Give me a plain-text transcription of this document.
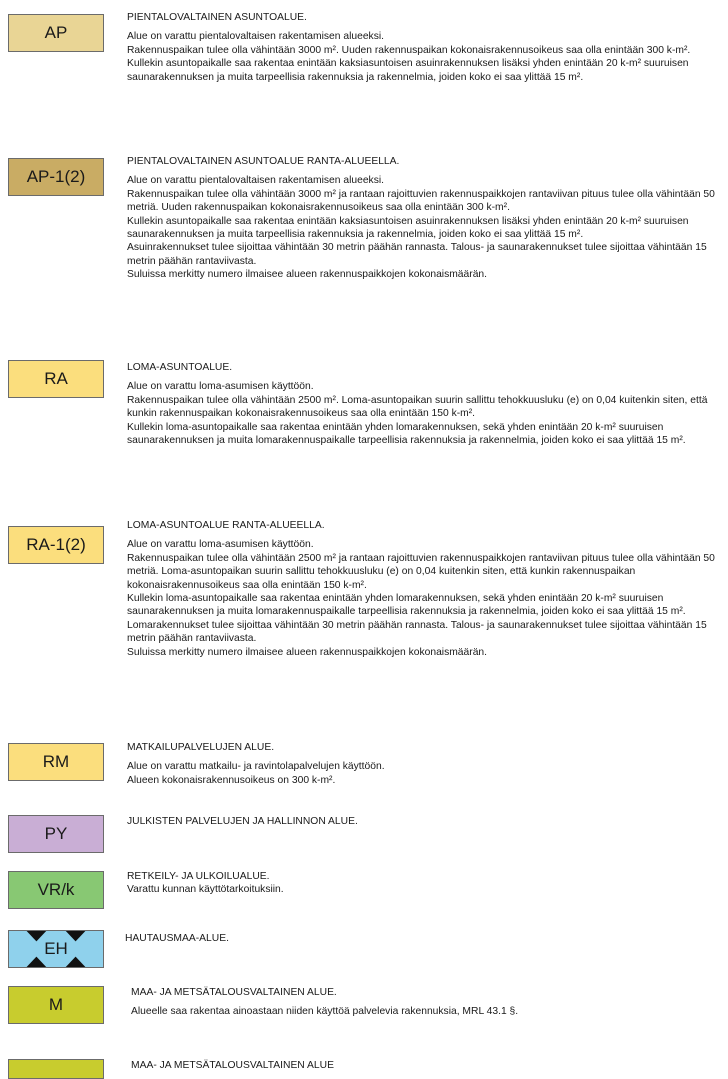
AP

PIENTALOVALTAINEN ASUNTOALUE.

Alue on varattu pientalovaltaisen rakentamisen alueeksi.

Rakennuspaikan tulee olla vähintään 3000 m². Uuden rakennuspaikan kokonaisrakennusoikeus saa olla enintään 300 k-m².

Kullekin asuntopaikalle saa rakentaa enintään kaksiasuntoisen asuinrakennuksen lisäksi yhden enintään 20 k-m² suuruisen saunarakennuksen ja muita tarpeellisia rakennuksia ja rakennelmia, joiden koko ei saa ylittää 15 m².

AP-1(2)

PIENTALOVALTAINEN ASUNTOALUE RANTA-ALUEELLA.

Alue on varattu pientalovaltaisen rakentamisen alueeksi.

Rakennuspaikan tulee olla vähintään 3000 m² ja rantaan rajoittuvien rakennuspaikkojen rantaviivan pituus tulee olla vähintään 50 metriä. Uuden rakennuspaikan kokonaisrakennusoikeus saa olla enintään 300 k-m².

Kullekin asuntopaikalle saa rakentaa enintään kaksiasuntoisen asuinrakennuksen lisäksi yhden enintään 20 k-m² suuruisen saunarakennuksen ja muita tarpeellisia rakennuksia ja rakennelmia, joiden koko ei saa ylittää 15 m².

Asuinrakennukset tulee sijoittaa vähintään 30 metrin päähän rannasta. Talous- ja saunarakennukset tulee sijoittaa vähintään 15 metrin päähän rantaviivasta.

Suluissa merkitty numero ilmaisee alueen rakennuspaikkojen kokonaismäärän.

RA

LOMA-ASUNTOALUE.

Alue on varattu loma-asumisen käyttöön.

Rakennuspaikan tulee olla vähintään 2500 m². Loma-asuntopaikan suurin sallittu tehokkuusluku (e) on 0,04 kuitenkin siten, että kunkin rakennuspaikan kokonaisrakennusoikeus saa olla enintään 150 k-m².

Kullekin loma-asuntopaikalle saa rakentaa enintään yhden lomarakennuksen, sekä yhden enintään 20 k-m² suuruisen saunarakennuksen ja muita lomarakennuspaikalle tarpeellisia rakennuksia ja rakennelmia, joiden koko ei saa ylittää 15 m².

RA-1(2)

LOMA-ASUNTOALUE RANTA-ALUEELLA.

Alue on varattu loma-asumisen käyttöön.

Rakennuspaikan tulee olla vähintään 2500 m² ja rantaan rajoittuvien rakennuspaikkojen rantaviivan pituus tulee olla vähintään 50 metriä. Loma-asuntopaikan suurin sallittu tehokkuusluku (e) on 0,04 kuitenkin siten, että kunkin rakennuspaikan kokonaisrakennusoikeus saa olla enintään 150 k-m².

Kullekin loma-asuntopaikalle saa rakentaa enintään yhden lomarakennuksen, sekä yhden enintään 20 k-m² suuruisen saunarakennuksen ja muita lomarakennuspaikalle tarpeellisia rakennuksia ja rakennelmia, joiden koko ei saa ylittää 15 m².

Lomarakennukset tulee sijoittaa vähintään 30 metrin päähän rannasta. Talous- ja saunarakennukset tulee sijoittaa vähintään 15 metrin päähän rantaviivasta.

Suluissa merkitty numero ilmaisee alueen rakennuspaikkojen kokonaismäärän.

RM

MATKAILUPALVELUJEN ALUE.

Alue on varattu matkailu- ja ravintolapalvelujen käyttöön.

Alueen kokonaisrakennusoikeus on 300 k-m².

PY

JULKISTEN PALVELUJEN JA HALLINNON ALUE.

VR/k

RETKEILY- JA ULKOILUALUE.

Varattu kunnan käyttötarkoituksiin.

EH

HAUTAUSMAA-ALUE.

M

MAA- JA METSÄTALOUSVALTAINEN ALUE.

Alueelle saa rakentaa ainoastaan niiden käyttöä palvelevia rakennuksia, MRL 43.1 §.

MAA- JA METSÄTALOUSVALTAINEN ALUE
